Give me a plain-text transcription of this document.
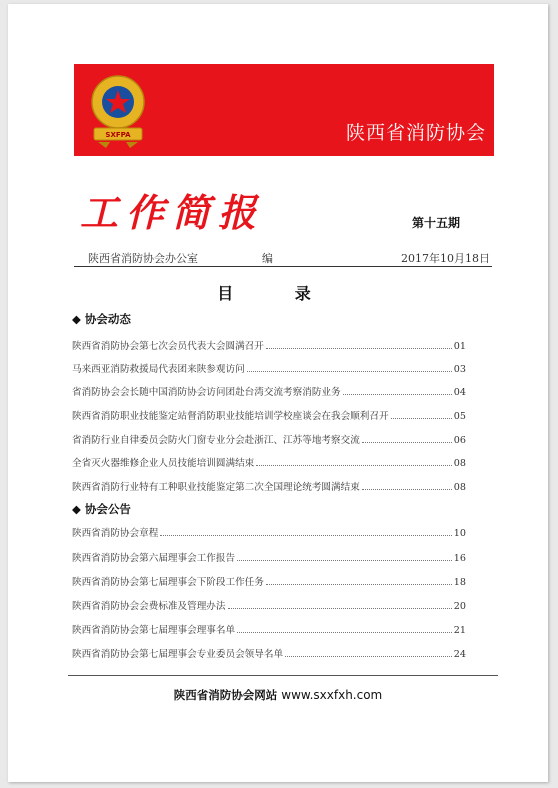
SXFPA	陕西省消防协会
工作简报	第十五期
陕西省消防协会办公室	编	2017年10月18日
目 录
◆ 协会动态
陕西省消防协会第七次会员代表大会圆满召开	01
马来西亚消防救援局代表团来陕参观访问	03
省消防协会会长随中国消防协会访问团赴台湾交流考察消防业务	04
陕西省消防职业技能鉴定站督消防职业技能培训学校座谈会在我会顺利召开	05
省消防行业自律委员会防火门窗专业分会赴浙江、江苏等地考察交流	06
全省灭火器维修企业人员技能培训圆满结束	08
陕西省消防行业特有工种职业技能鉴定第二次全国理论统考圆满结束	08
◆ 协会公告
陕西省消防协会章程	10
陕西省消防协会第六届理事会工作报告	16
陕西省消防协会第七届理事会下阶段工作任务	18
陕西省消防协会会费标准及管理办法	20
陕西省消防协会第七届理事会理事名单	21
陕西省消防协会第七届理事会专业委员会领导名单	24
陕西省消防协会网站 www.sxxfxh.com
